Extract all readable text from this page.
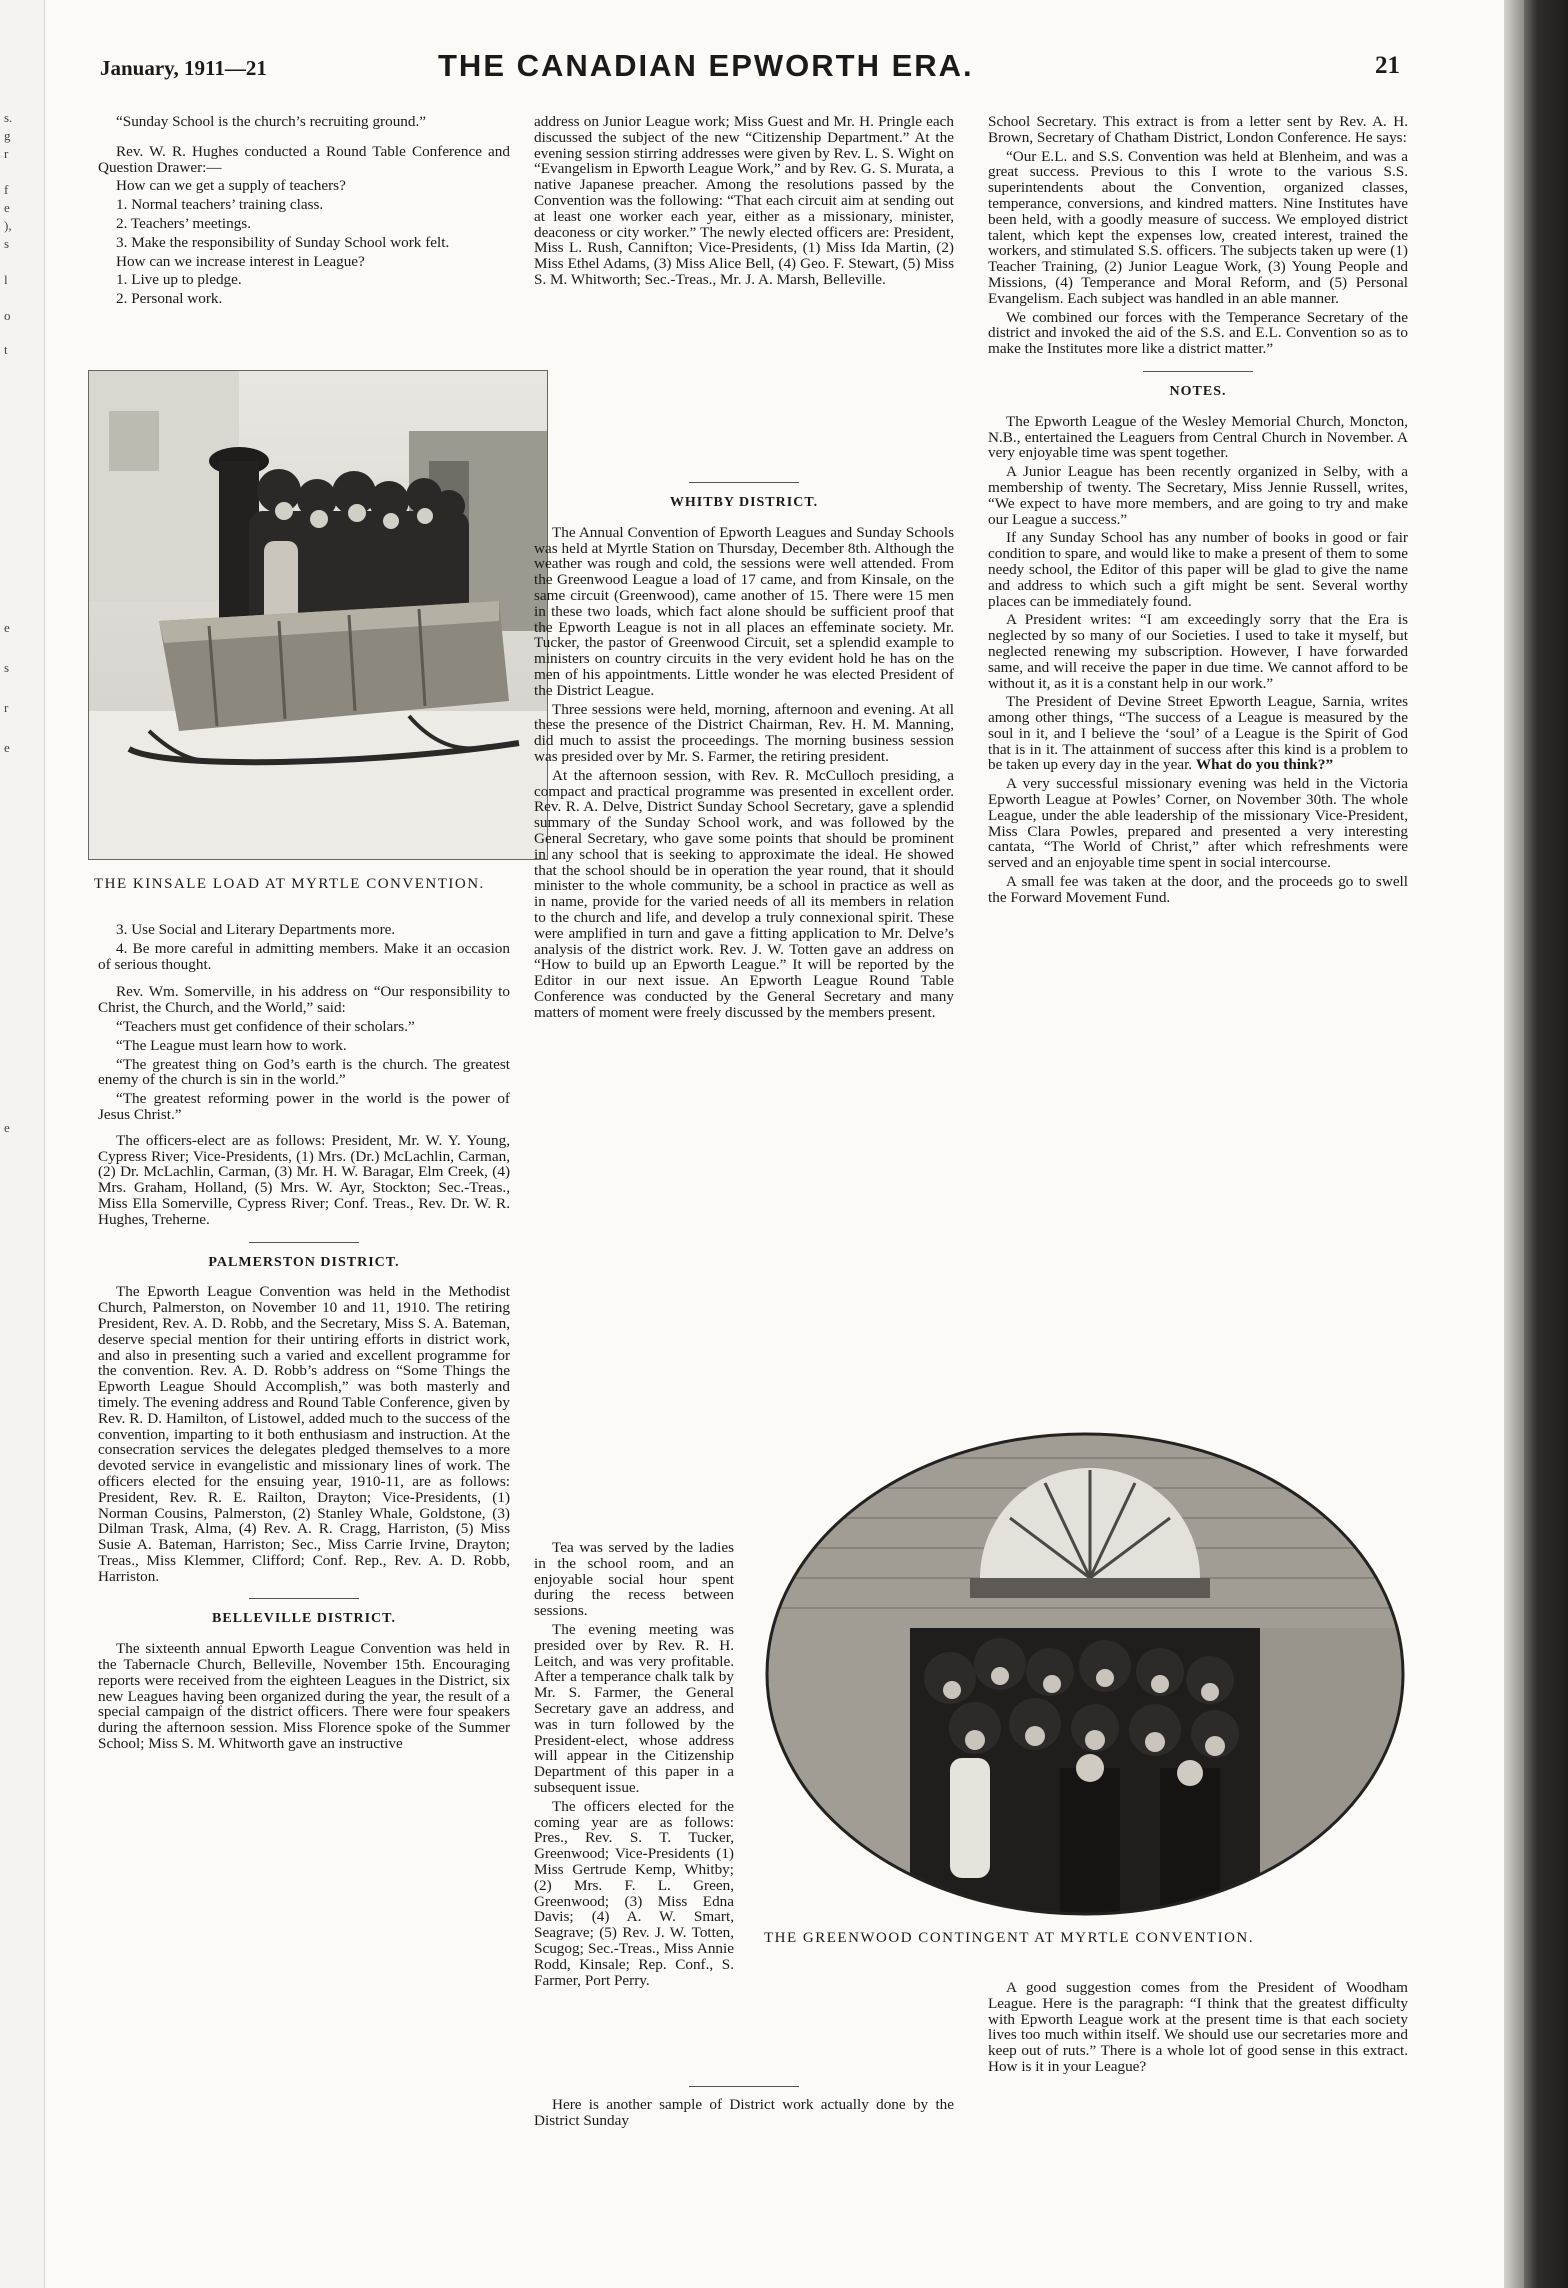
s.
g
r
f
e
),
s
l
o
t
e
s
r
e
e
January, 1911—21	THE CANADIAN EPWORTH ERA.	21

“Sunday School is the church’s recruiting ground.”

Rev. W. R. Hughes conducted a Round Table Conference and Question Drawer:—

How can we get a supply of teachers?

1. Normal teachers’ training class.

2. Teachers’ meetings.

3. Make the responsibility of Sunday School work felt.

How can we increase interest in League?

1. Live up to pledge.

2. Personal work.

THE KINSALE LOAD AT MYRTLE CONVENTION.

3. Use Social and Literary Departments more.

4. Be more careful in admitting members. Make it an occasion of serious thought.

Rev. Wm. Somerville, in his address on “Our responsibility to Christ, the Church, and the World,” said:

“Teachers must get confidence of their scholars.”

“The League must learn how to work.

“The greatest thing on God’s earth is the church. The greatest enemy of the church is sin in the world.”

“The greatest reforming power in the world is the power of Jesus Christ.”

The officers-elect are as follows: President, Mr. W. Y. Young, Cypress River; Vice-Presidents, (1) Mrs. (Dr.) McLachlin, Carman, (2) Dr. McLachlin, Carman, (3) Mr. H. W. Baragar, Elm Creek, (4) Mrs. Graham, Holland, (5) Mrs. W. Ayr, Stockton; Sec.-Treas., Miss Ella Somerville, Cypress River; Conf. Treas., Rev. Dr. W. R. Hughes, Treherne.

PALMERSTON DISTRICT.

The Epworth League Convention was held in the Methodist Church, Palmerston, on November 10 and 11, 1910. The retiring President, Rev. A. D. Robb, and the Secretary, Miss S. A. Bateman, deserve special mention for their untiring efforts in district work, and also in presenting such a varied and excellent programme for the convention. Rev. A. D. Robb’s address on “Some Things the Epworth League Should Accomplish,” was both masterly and timely. The evening address and Round Table Conference, given by Rev. R. D. Hamilton, of Listowel, added much to the success of the convention, imparting to it both enthusiasm and instruction. At the consecration services the delegates pledged themselves to a more devoted service in evangelistic and missionary lines of work. The officers elected for the ensuing year, 1910-11, are as follows: President, Rev. R. E. Railton, Drayton; Vice-Presidents, (1) Norman Cousins, Palmerston, (2) Stanley Whale, Goldstone, (3) Dilman Trask, Alma, (4) Rev. A. R. Cragg, Harriston, (5) Miss Susie A. Bateman, Harriston; Sec., Miss Carrie Irvine, Drayton; Treas., Miss Klemmer, Clifford; Conf. Rep., Rev. A. D. Robb, Harriston.

BELLEVILLE DISTRICT.

The sixteenth annual Epworth League Convention was held in the Tabernacle Church, Belleville, November 15th. Encouraging reports were received from the eighteen Leagues in the District, six new Leagues having been organized during the year, the result of a special campaign of the district officers. There were four speakers during the afternoon session. Miss Florence spoke of the Summer School; Miss S. M. Whitworth gave an instructive

address on Junior League work; Miss Guest and Mr. H. Pringle each discussed the subject of the new “Citizenship Department.” At the evening session stirring addresses were given by Rev. L. S. Wight on “Evangelism in Epworth League Work,” and by Rev. G. S. Murata, a native Japanese preacher. Among the resolutions passed by the Convention was the following: “That each circuit aim at sending out at least one worker each year, either as a missionary, minister, deaconess or city worker.” The newly elected officers are: President, Miss L. Rush, Cannifton; Vice-Presidents, (1) Miss Ida Martin, (2) Miss Ethel Adams, (3) Miss Alice Bell, (4) Geo. F. Stewart, (5) Miss S. M. Whitworth; Sec.-Treas., Mr. J. A. Marsh, Belleville.

WHITBY DISTRICT.

The Annual Convention of Epworth Leagues and Sunday Schools was held at Myrtle Station on Thursday, December 8th. Although the weather was rough and cold, the sessions were well attended. From the Greenwood League a load of 17 came, and from Kinsale, on the same circuit (Greenwood), came another of 15. There were 15 men in these two loads, which fact alone should be sufficient proof that the Epworth League is not in all places an effeminate society. Mr. Tucker, the pastor of Greenwood Circuit, set a splendid example to ministers on country circuits in the very evident hold he has on the men of his appointments. Little wonder he was elected President of the District League.

Three sessions were held, morning, afternoon and evening. At all these the presence of the District Chairman, Rev. H. M. Manning, did much to assist the proceedings. The morning business session was presided over by Mr. S. Farmer, the retiring president.

At the afternoon session, with Rev. R. McCulloch presiding, a compact and practical programme was presented in excellent order. Rev. R. A. Delve, District Sunday School Secretary, gave a splendid summary of the Sunday School work, and was followed by the General Secretary, who gave some points that should be prominent in any school that is seeking to approximate the ideal. He showed that the school should be in operation the year round, that it should minister to the whole community, be a school in practice as well as in name, provide for the varied needs of all its members in relation to the church and life, and develop a truly connexional spirit. These were amplified in turn and gave a fitting application to Mr. Delve’s analysis of the district work. Rev. J. W. Totten gave an address on “How to build up an Epworth League.” It will be reported by the Editor in our next issue. An Epworth League Round Table Conference was conducted by the General Secretary and many matters of moment were freely discussed by the members present.

Tea was served by the ladies in the school room, and an enjoyable social hour spent during the recess between sessions.

The evening meeting was presided over by Rev. R. H. Leitch, and was very profitable. After a temperance chalk talk by Mr. S. Farmer, the General Secretary gave an address, and was in turn followed by the President-elect, whose address will appear in the Citizenship Department of this paper in a subsequent issue.

The officers elected for the coming year are as follows: Pres., Rev. S. T. Tucker, Greenwood; Vice-Presidents (1) Miss Gertrude Kemp, Whitby; (2) Mrs. F. L. Green, Greenwood; (3) Miss Edna Davis; (4) A. W. Smart, Seagrave; (5) Rev. J. W. Totten, Scugog; Sec.-Treas., Miss Annie Rodd, Kinsale; Rep. Conf., S. Farmer, Port Perry.

Here is another sample of District work actually done by the District Sunday

School Secretary. This extract is from a letter sent by Rev. A. H. Brown, Secretary of Chatham District, London Conference. He says:

“Our E.L. and S.S. Convention was held at Blenheim, and was a great success. Previous to this I wrote to the various S.S. superintendents about the Convention, organized classes, temperance, conversions, and kindred matters. Nine Institutes have been held, with a goodly measure of success. We employed district talent, which kept the expenses low, created interest, trained the workers, and stimulated S.S. officers. The subjects taken up were (1) Teacher Training, (2) Junior League Work, (3) Young People and Missions, (4) Temperance and Moral Reform, and (5) Personal Evangelism. Each subject was handled in an able manner.

We combined our forces with the Temperance Secretary of the district and invoked the aid of the S.S. and E.L. Convention so as to make the Institutes more like a district matter.”

NOTES.

The Epworth League of the Wesley Memorial Church, Moncton, N.B., entertained the Leaguers from Central Church in November. A very enjoyable time was spent together.

A Junior League has been recently organized in Selby, with a membership of twenty. The Secretary, Miss Jennie Russell, writes, “We expect to have more members, and are going to try and make our League a success.”

If any Sunday School has any number of books in good or fair condition to spare, and would like to make a present of them to some needy school, the Editor of this paper will be glad to give the name and address to which such a gift might be sent. Several worthy places can be immediately found.

A President writes: “I am exceedingly sorry that the Era is neglected by so many of our Societies. I used to take it myself, but neglected renewing my subscription. However, I have forwarded same, and will receive the paper in due time. We cannot afford to be without it, as it is a constant help in our work.”

The President of Devine Street Epworth League, Sarnia, writes among other things, “The success of a League is measured by the soul in it, and I believe the ‘soul’ of a League is the Spirit of God that is in it. The attainment of success after this kind is a problem to be taken up every day in the year. What do you think?”

A very successful missionary evening was held in the Victoria Epworth League at Powles’ Corner, on November 30th. The whole League, under the able leadership of the missionary Vice-President, Miss Clara Powles, prepared and presented a very interesting cantata, “The World of Christ,” after which refreshments were served and an enjoyable time spent in social intercourse.

A small fee was taken at the door, and the proceeds go to swell the Forward Movement Fund.

THE GREENWOOD CONTINGENT AT MYRTLE CONVENTION.

A good suggestion comes from the President of Woodham League. Here is the paragraph: “I think that the greatest difficulty with Epworth League work at the present time is that each society lives too much within itself. We should use our secretaries more and keep out of ruts.” There is a whole lot of good sense in this extract. How is it in your League?
